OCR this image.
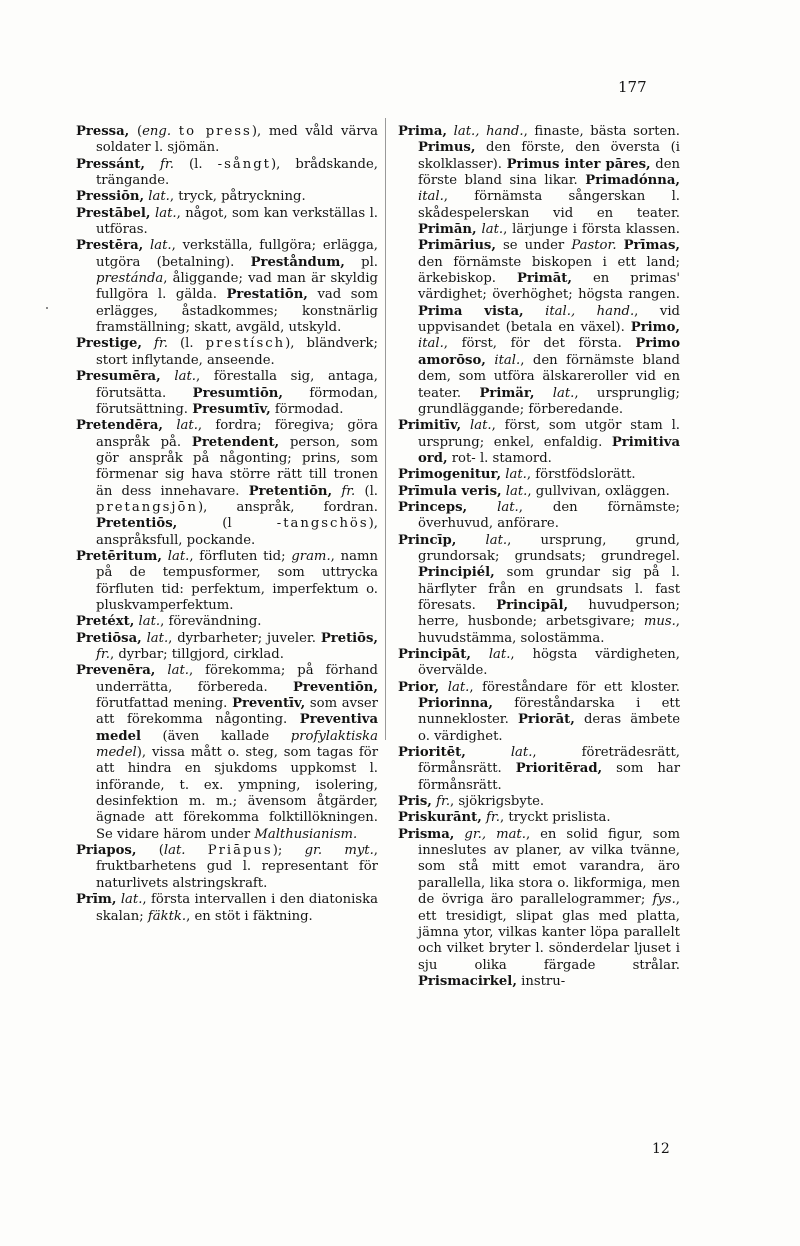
177

Pressa, (eng. to press), med våld värva soldater l. sjömän.

Pressánt, fr. (l. -sångt), brådskande, trängande.

Pressiōn, lat., tryck, påtryckning.

Prestābel, lat., något, som kan verkställas l. utföras.

Prestēra, lat., verkställa, fullgöra; erlägga, utgöra (betalning). Preståndum, pl. prestánda, åliggande; vad man är skyldig fullgöra l. gälda. Prestatiōn, vad som erlägges, åstadkommes; konstnärlig framställning; skatt, avgäld, utskyld.

Prestige, fr. (l. prestísch), bländverk; stort inflytande, anseende.

Presumēra, lat., förestalla sig, antaga, förutsätta. Presumtiōn, förmodan, förutsättning. Presumtīv, förmodad.

Pretendēra, lat., fordra; föregiva; göra anspråk på. Pretendent, person, som gör anspråk på någonting; prins, som förmenar sig hava större rätt till tronen än dess innehavare. Pretentiōn, fr. (l. pretangsjōn), anspråk, fordran. Pretentiōs, (l -tangschös), anspråksfull, pockande.

Pretēritum, lat., förfluten tid; gram., namn på de tempusformer, som uttrycka förfluten tid: perfektum, imperfektum o. pluskvamperfektum.

Pretéxt, lat., förevändning.

Pretiōsa, lat., dyrbarheter; juveler. Pretiōs, fr., dyrbar; tillgjord, cirklad.

Prevenēra, lat., förekomma; på förhand underrätta, förbereda. Preventiōn, förutfattad mening. Preventīv, som avser att förekomma någonting. Preventiva medel (även kallade profylaktiska medel), vissa mått o. steg, som tagas för att hindra en sjukdoms uppkomst l. införande, t. ex. ympning, isolering, desinfektion m. m.; ävensom åtgärder, ägnade att förekomma folktillökningen. Se vidare härom under Malthusianism.

Priapos, (lat. Priāpus); gr. myt., fruktbarhetens gud l. representant för naturlivets alstringskraft.

Prīm, lat., första intervallen i den diatoniska skalan; fäktk., en stöt i fäktning.

Prima, lat., hand., finaste, bästa sorten. Primus, den förste, den översta (i skolklasser). Primus inter pāres, den förste bland sina likar. Primadónna, ital., förnämsta sångerskan l. skådespelerskan vid en teater. Primān, lat., lärjunge i första klassen. Primārius, se under Pastor. Prīmas, den förnämste biskopen i ett land; ärkebiskop. Primāt, en primas' värdighet; överhöghet; högsta rangen. Prima vista, ital., hand., vid uppvisandet (betala en växel). Primo, ital., först, för det första. Primo amorōso, ital., den förnämste bland dem, som utföra älskareroller vid en teater. Primär, lat., ursprunglig; grundläggande; förberedande.

Primitīv, lat., först, som utgör stam l. ursprung; enkel, enfaldig. Primitiva ord, rot- l. stamord.

Primogenitur, lat., förstfödslorätt.

Prīmula veris, lat., gullvivan, oxläggen.

Princeps, lat., den förnämste; överhuvud, anförare.

Princīp, lat., ursprung, grund, grundorsak; grundsats; grundregel. Principiél, som grundar sig på l. härflyter från en grundsats l. fast föresats. Principāl, huvudperson; herre, husbonde; arbetsgivare; mus., huvudstämma, solostämma.

Principāt, lat., högsta värdigheten, övervälde.

Prior, lat., föreståndare för ett kloster. Priorinna, föreståndarska i ett nunnekloster. Priorāt, deras ämbete o. värdighet.

Prioritēt,	lat., företrädesrätt, förmånsrätt. Prioritērad, som har förmånsrätt.

Pris, fr., sjökrigsbyte.

Priskurānt, fr., tryckt prislista.

Prisma, gr., mat., en solid figur, som inneslutes av planer, av vilka tvänne, som stå mitt emot varandra, äro parallella, lika stora o. likformiga, men de övriga äro parallelogrammer; fys., ett tresidigt, slipat glas med platta, jämna ytor, vilkas kanter löpa parallelt och vilket bryter l. sönderdelar ljuset i sju olika färgade strålar. Prismacirkel, instru-

12
